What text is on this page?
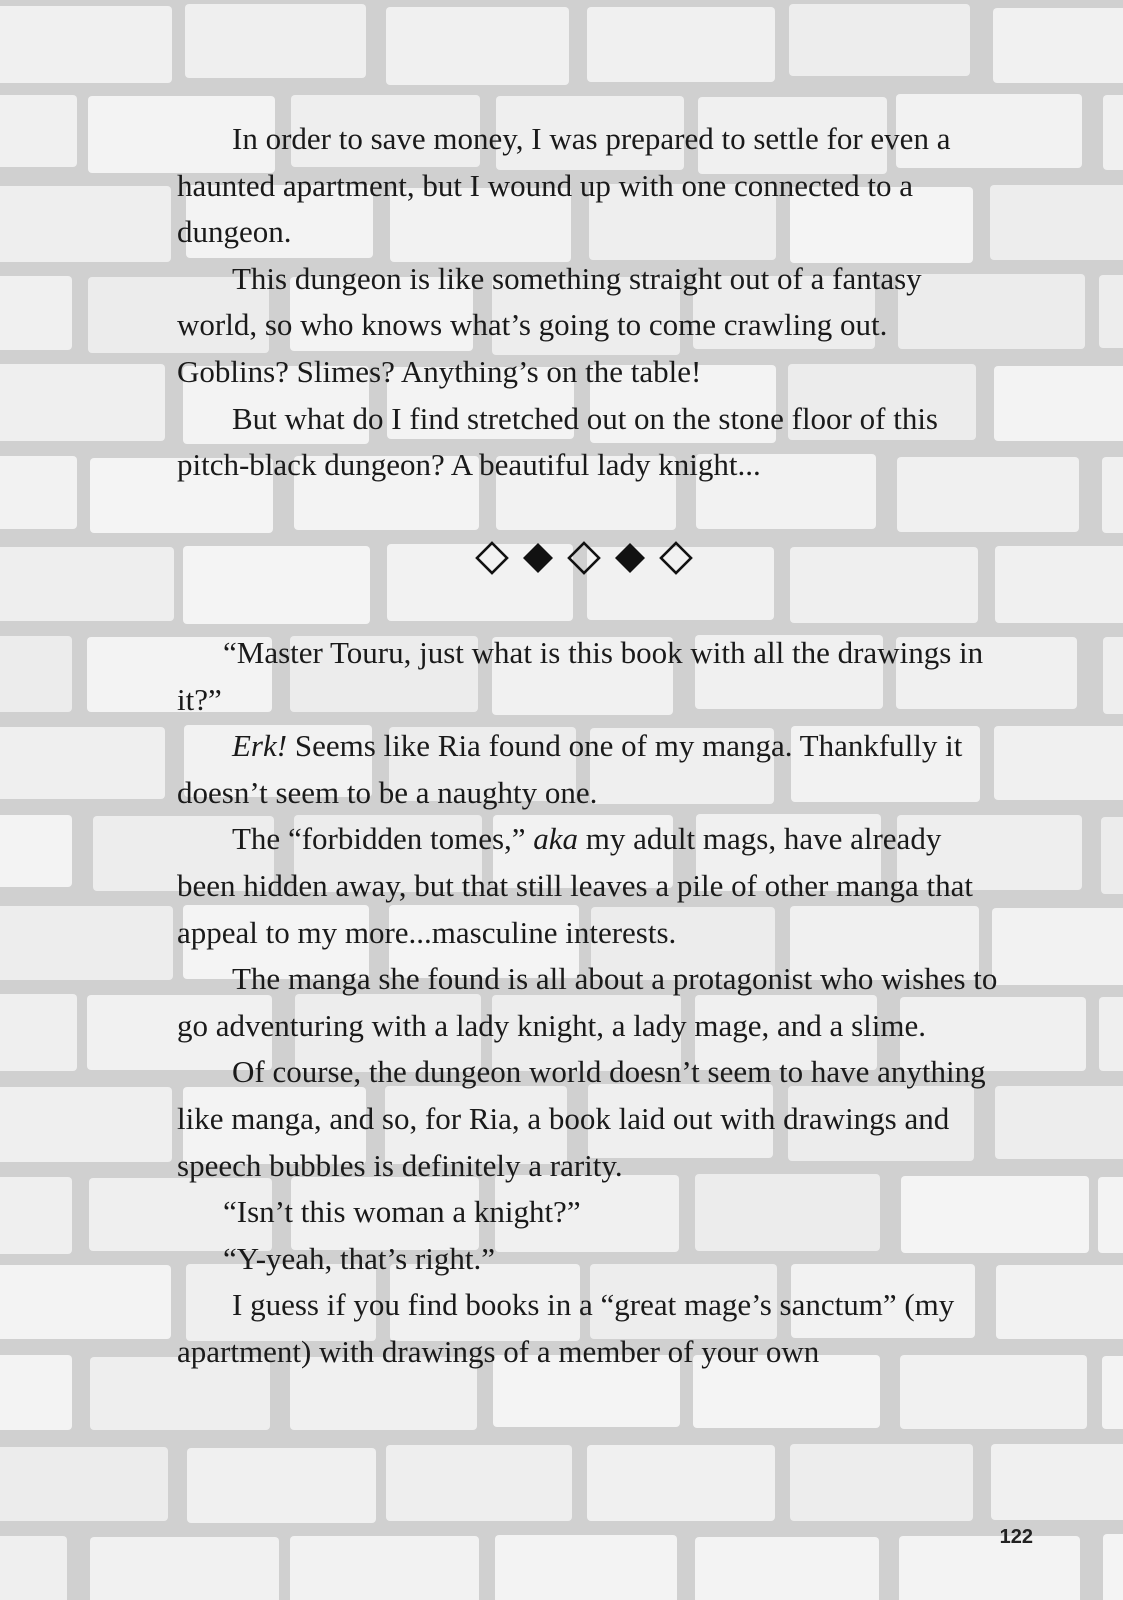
In order to save money, I was prepared to settle for even a haunted apartment, but I wound up with one connected to a dungeon.

This dungeon is like something straight out of a fantasy world, so who knows what’s going to come crawling out. Goblins? Slimes? Anything’s on the table!

But what do I find stretched out on the stone floor of this pitch-black dungeon? A beautiful lady knight...

“Master Touru, just what is this book with all the drawings in it?”

Erk! Seems like Ria found one of my manga. Thankfully it doesn’t seem to be a naughty one.

The “forbidden tomes,” aka my adult mags, have already been hidden away, but that still leaves a pile of other manga that appeal to my more...masculine interests.

The manga she found is all about a protagonist who wishes to go adventuring with a lady knight, a lady mage, and a slime.

Of course, the dungeon world doesn’t seem to have anything like manga, and so, for Ria, a book laid out with drawings and speech bubbles is definitely a rarity.

“Isn’t this woman a knight?”

“Y-yeah, that’s right.”

I guess if you find books in a “great mage’s sanctum” (my apartment) with drawings of a member of your own

122
